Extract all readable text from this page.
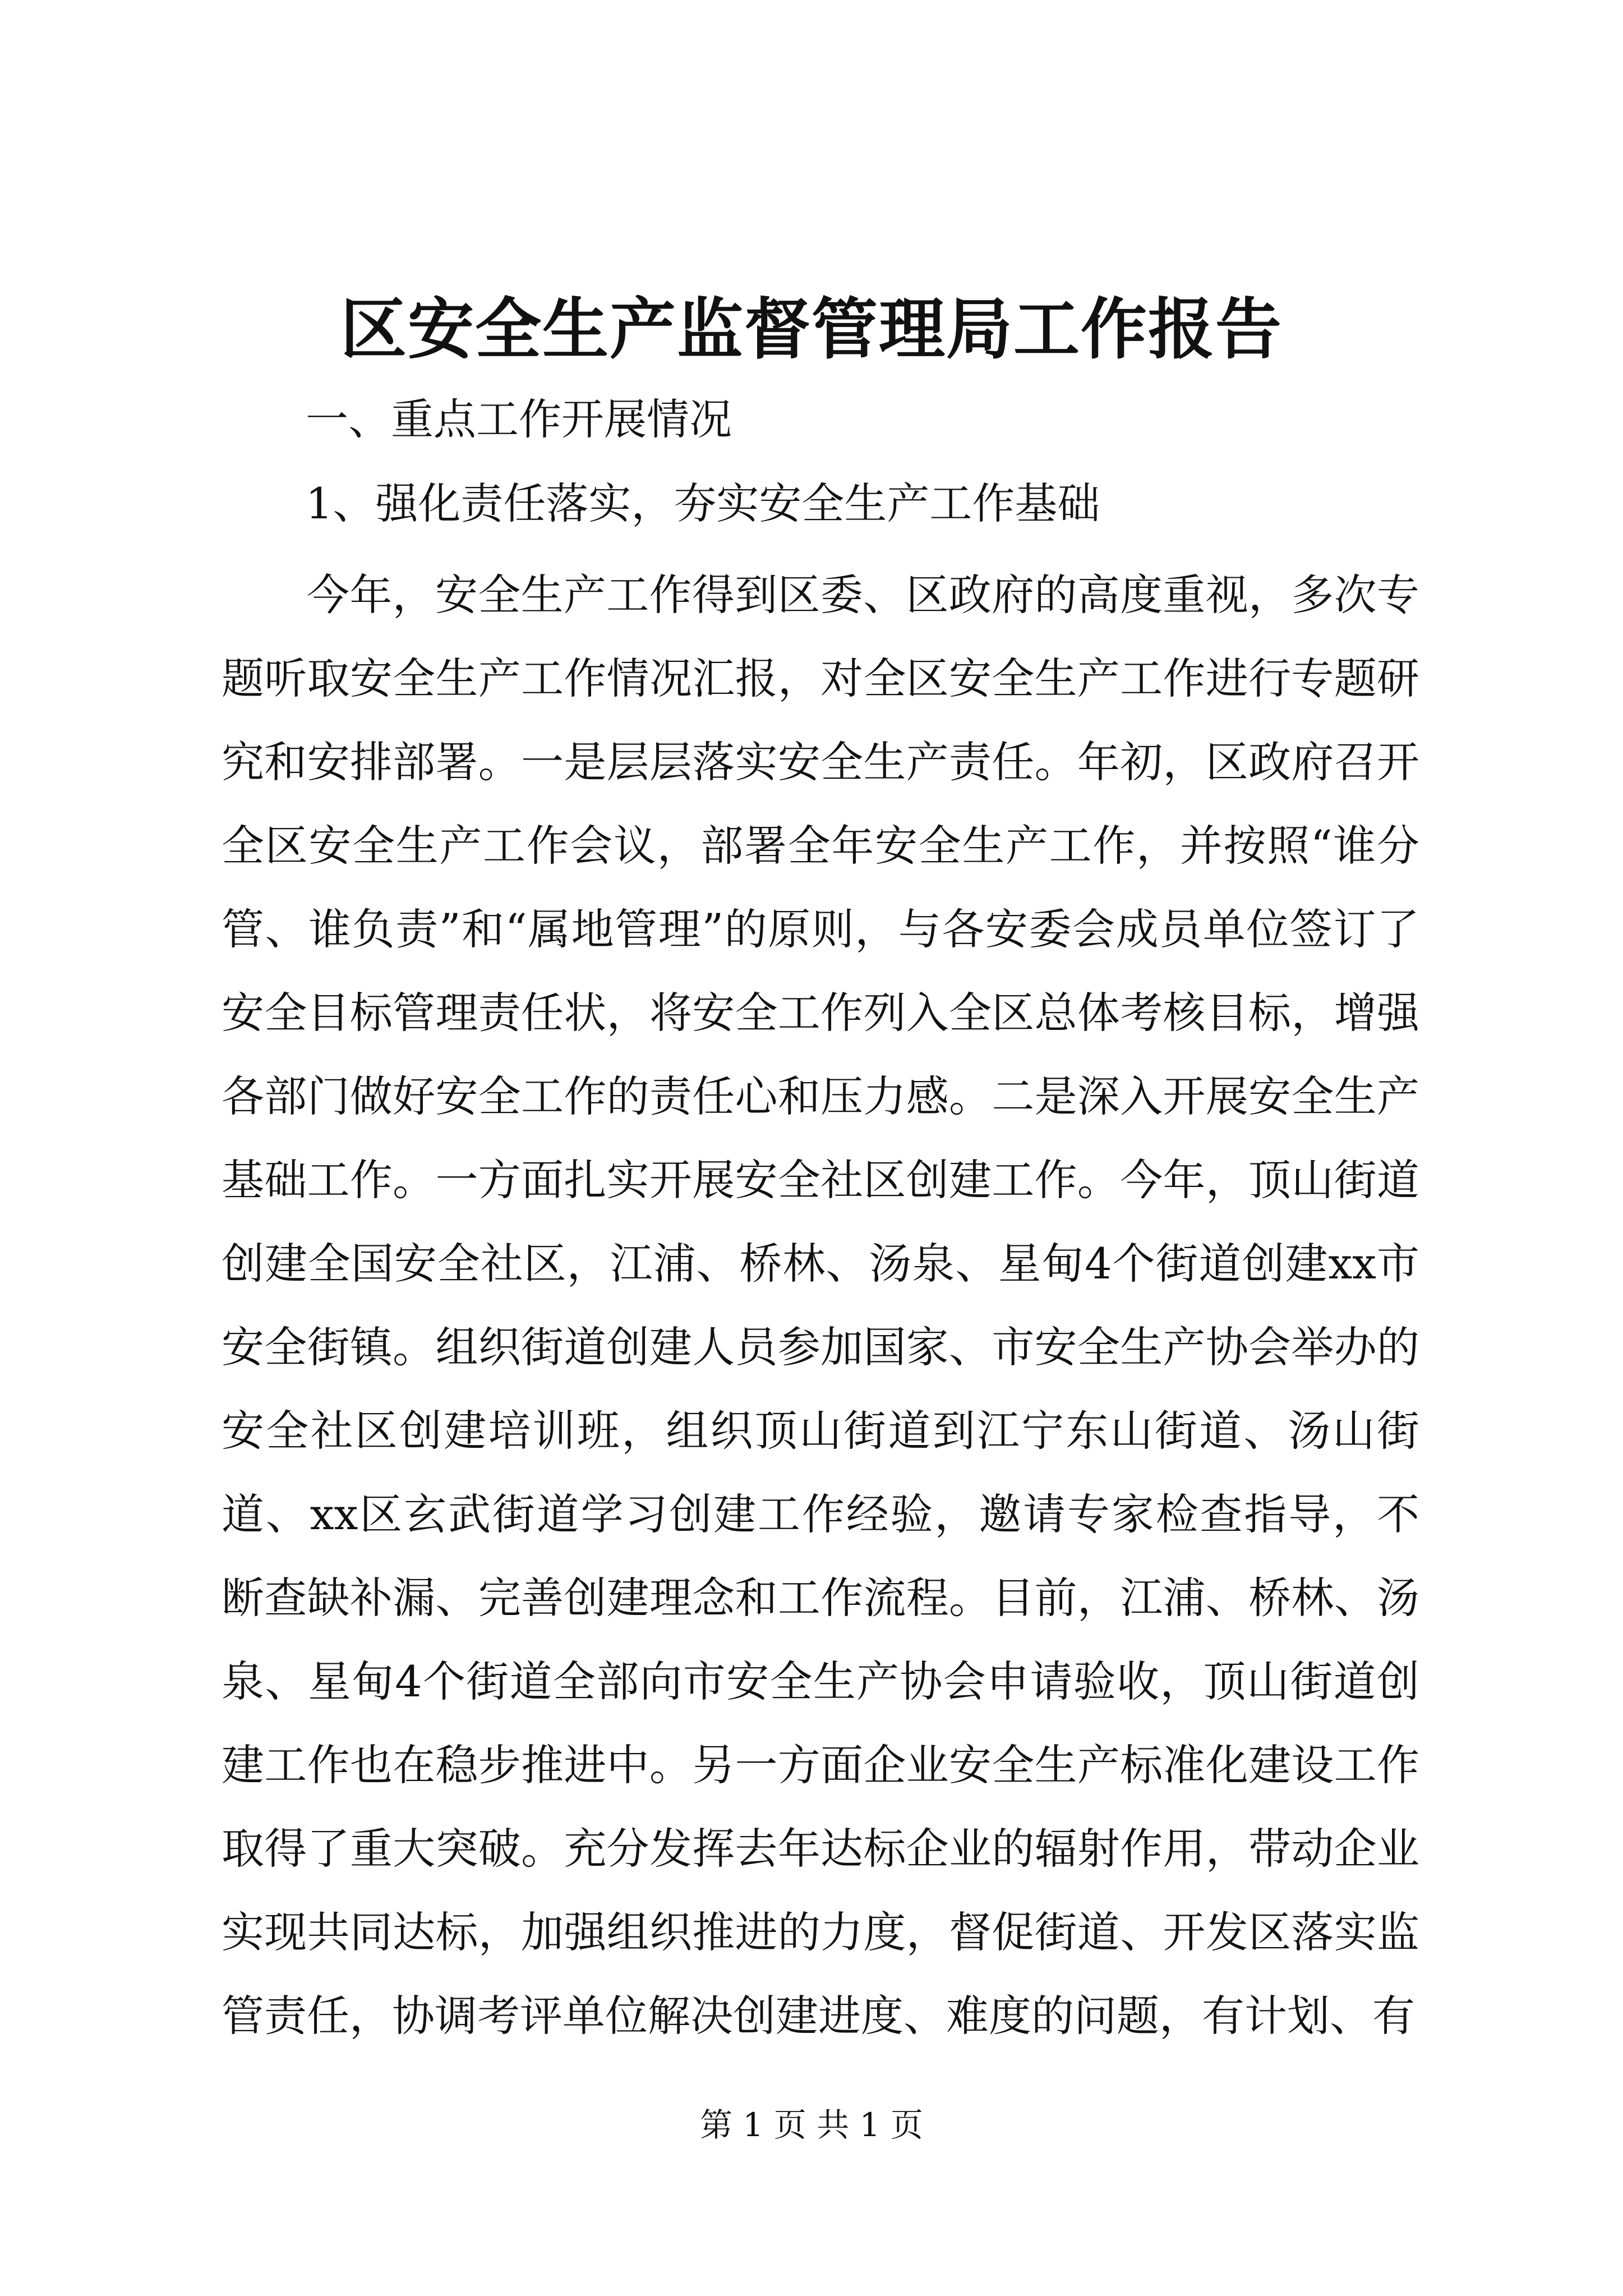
区安全生产监督管理局工作报告

一、重点工作开展情况

1、强化责任落实，夯实安全生产工作基础

今年，安全生产工作得到区委、区政府的高度重视，多次专题听取安全生产工作情况汇报，对全区安全生产工作进行专题研究和安排部署。一是层层落实安全生产责任。年初，区政府召开全区安全生产工作会议，部署全年安全生产工作，并按照“谁分管、谁负责”和“属地管理”的原则，与各安委会成员单位签订了安全目标管理责任状，将安全工作列入全区总体考核目标，增强各部门做好安全工作的责任心和压力感。二是深入开展安全生产基础工作。一方面扎实开展安全社区创建工作。今年，顶山街道创建全国安全社区，江浦、桥林、汤泉、星甸4个街道创建xx市安全街镇。组织街道创建人员参加国家、市安全生产协会举办的安全社区创建培训班，组织顶山街道到江宁东山街道、汤山街道、xx区玄武街道学习创建工作经验，邀请专家检查指导，不断查缺补漏、完善创建理念和工作流程。目前，江浦、桥林、汤泉、星甸4个街道全部向市安全生产协会申请验收，顶山街道创建工作也在稳步推进中。另一方面企业安全生产标准化建设工作取得了重大突破。充分发挥去年达标企业的辐射作用，带动企业实现共同达标，加强组织推进的力度，督促街道、开发区落实监管责任，协调考评单位解决创建进度、难度的问题，有计划、有

第 1 页 共 1 页
